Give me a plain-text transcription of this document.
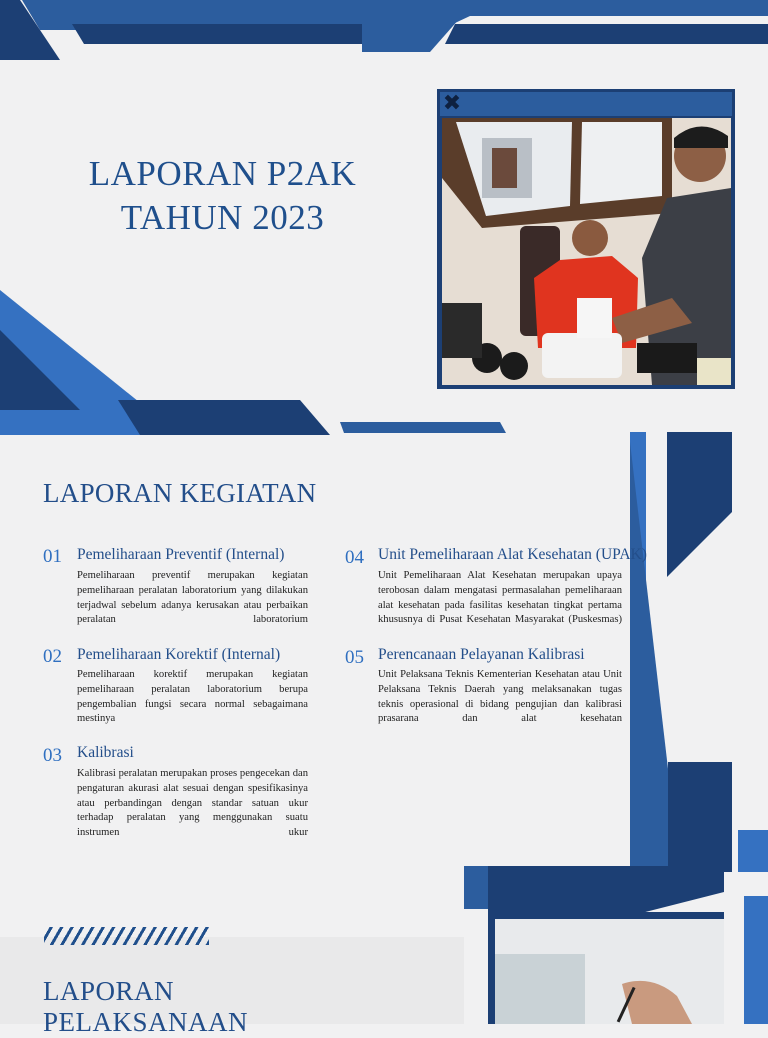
LAPORAN P2AK
TAHUN 2023
✖
LAPORAN KEGIATAN
01 Pemeliharaan Preventif (Internal)
Pemeliharaan preventif merupakan kegiatan pemeliharaan peralatan laboratorium yang dilakukan terjadwal sebelum adanya kerusakan atau perbaikan peralatan laboratorium
02 Pemeliharaan Korektif (Internal)
Pemeliharaan korektif merupakan kegiatan pemeliharaan peralatan laboratorium berupa pengembalian fungsi secara normal sebagaimana mestinya
03 Kalibrasi
Kalibrasi peralatan merupakan proses pengecekan dan pengaturan akurasi alat sesuai dengan spesifikasinya atau perbandingan dengan standar satuan ukur terhadap peralatan yang menggunakan suatu instrumen ukur
04 Unit Pemeliharaan Alat Kesehatan (UPAK)
Unit Pemeliharaan Alat Kesehatan merupakan upaya terobosan dalam mengatasi permasalahan pemeliharaan alat kesehatan pada fasilitas kesehatan tingkat pertama khususnya di Pusat Kesehatan Masyarakat (Puskesmas)
05 Perencanaan Pelayanan Kalibrasi
Unit Pelaksana Teknis Kementerian Kesehatan atau Unit Pelaksana Teknis Daerah yang melaksanakan tugas teknis operasional di bidang pengujian dan kalibrasi prasarana dan alat kesehatan
LAPORAN
PELAKSANAAN
